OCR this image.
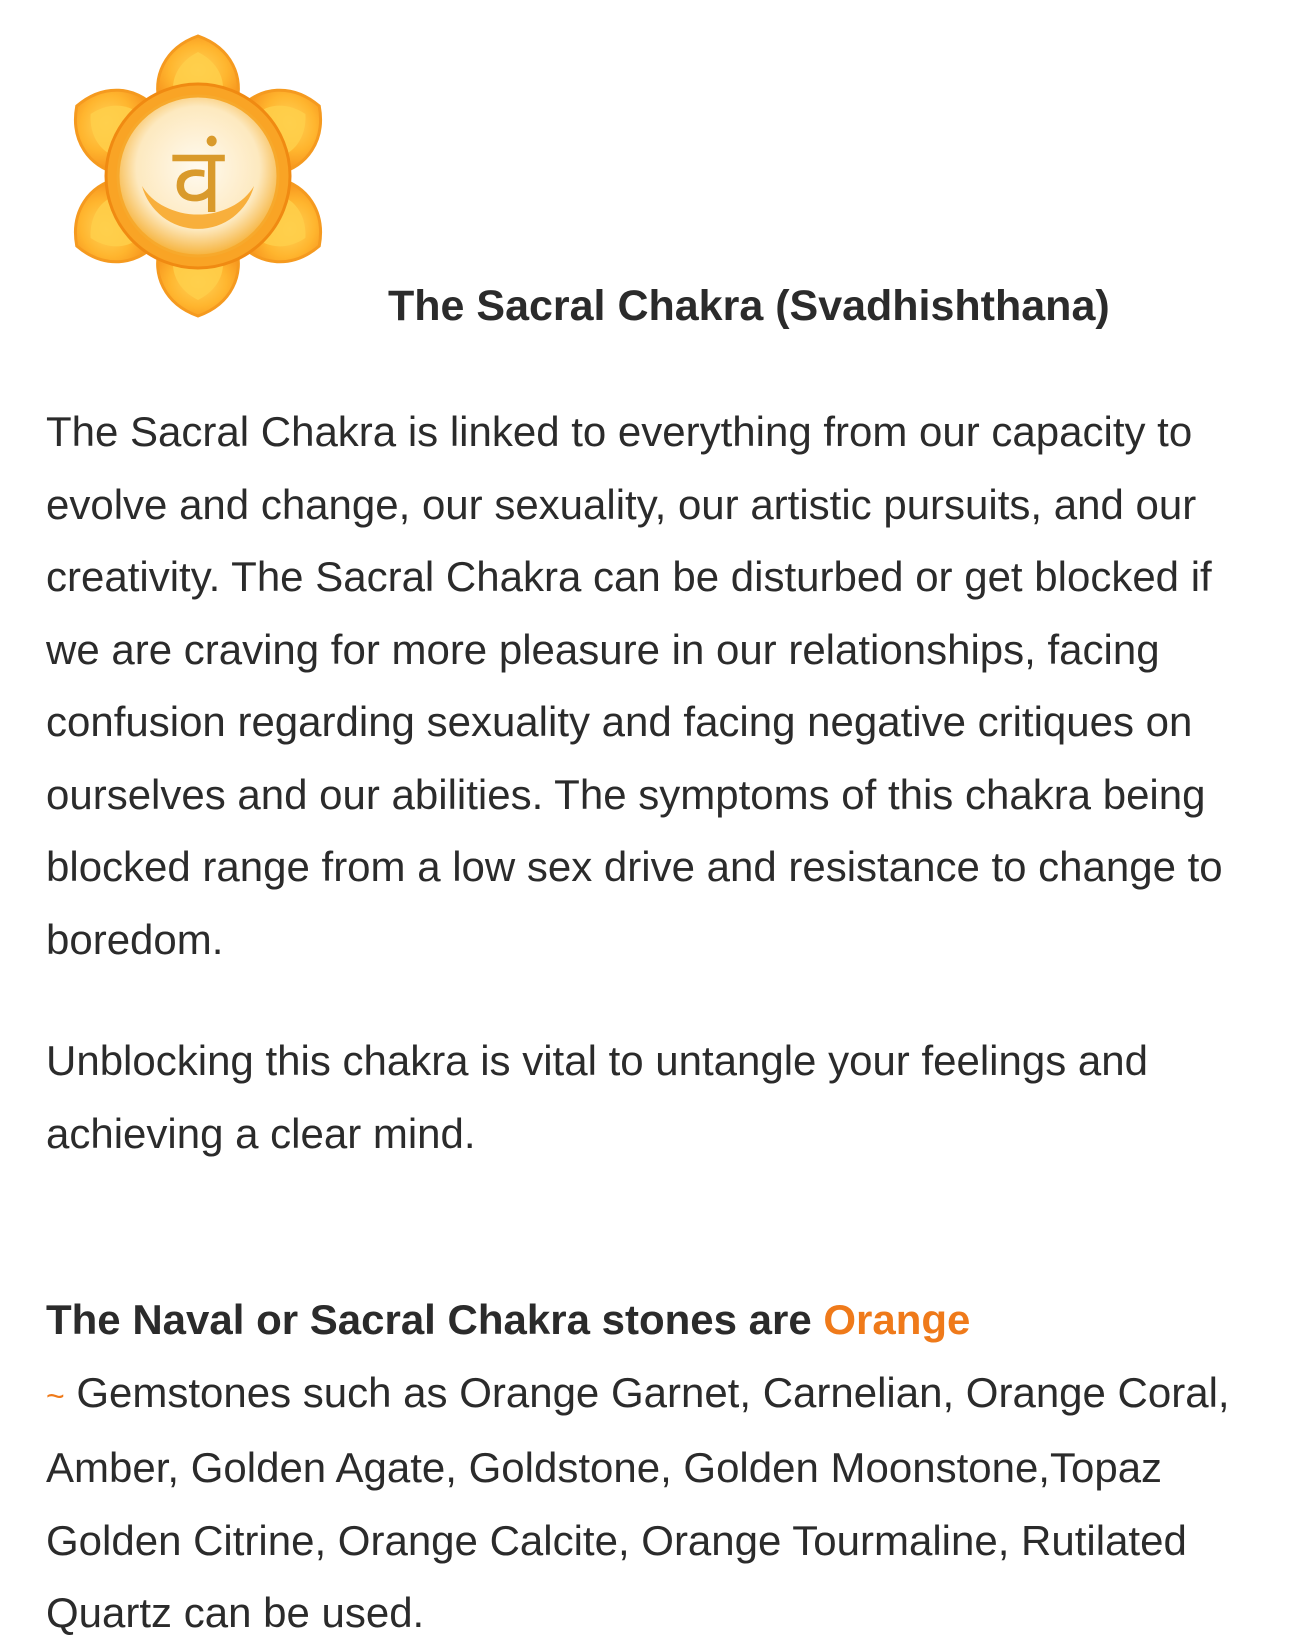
वं
The Sacral Chakra (Svadhishthana)

The Sacral Chakra is linked to everything from our capacity to evolve and change, our sexuality, our artistic pursuits, and our creativity. The Sacral Chakra can be disturbed or get blocked if we are craving for more pleasure in our relationships, facing confusion regarding sexuality and facing negative critiques on ourselves and our abilities. The symptoms of this chakra being blocked range from a low sex drive and resistance to change to boredom.

Unblocking this chakra is vital to untangle your feelings and achieving a clear mind.

The Naval or Sacral Chakra stones are Orange
~ Gemstones such as Orange Garnet, Carnelian, Orange Coral, Amber, Golden Agate, Goldstone, Golden Moonstone,Topaz Golden Citrine, Orange Calcite, Orange Tourmaline, Rutilated Quartz can be used.
